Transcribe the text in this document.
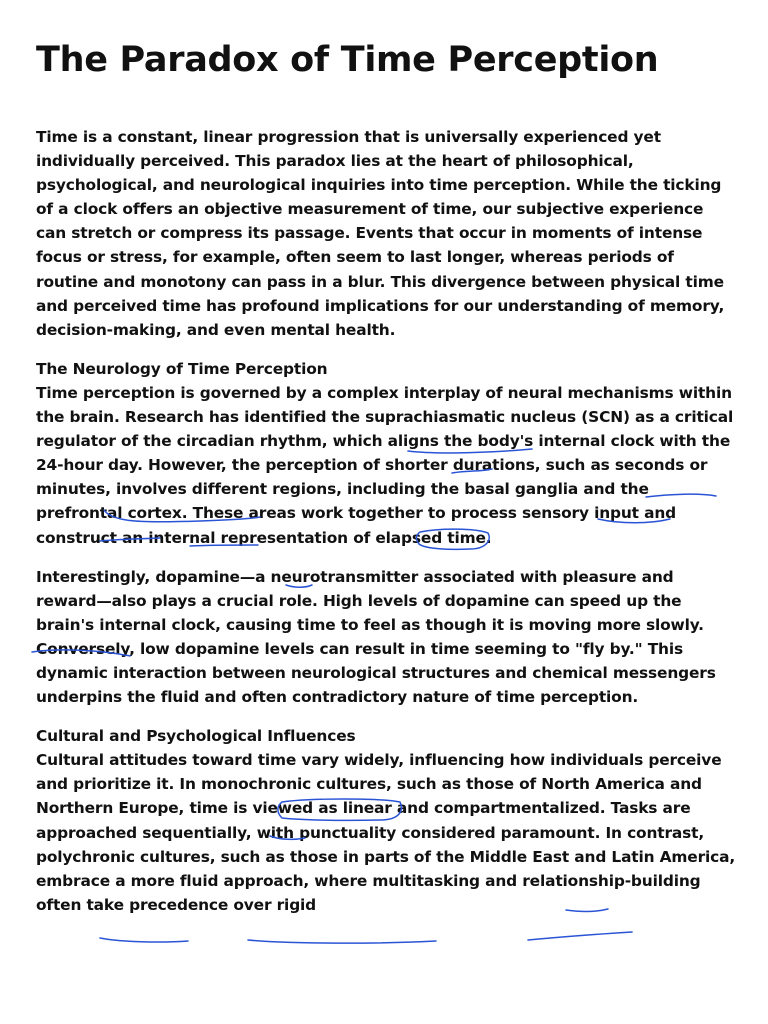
The Paradox of Time Perception

Time is a constant, linear progression that is universally experienced yet individually perceived. This paradox lies at the heart of philosophical, psychological, and neurological inquiries into time perception. While the ticking of a clock offers an objective measurement of time, our subjective experience can stretch or compress its passage. Events that occur in moments of intense focus or stress, for example, often seem to last longer, whereas periods of routine and monotony can pass in a blur. This divergence between physical time and perceived time has profound implications for our understanding of memory, decision-making, and even mental health.

The Neurology of Time Perception

Time perception is governed by a complex interplay of neural mechanisms within the brain. Research has identified the suprachiasmatic nucleus (SCN) as a critical regulator of the circadian rhythm, which aligns the body's internal clock with the 24-hour day. However, the perception of shorter durations, such as seconds or minutes, involves different regions, including the basal ganglia and the prefrontal cortex. These areas work together to process sensory input and construct an internal representation of elapsed time.

Interestingly, dopamine—a neurotransmitter associated with pleasure and reward—also plays a crucial role. High levels of dopamine can speed up the brain's internal clock, causing time to feel as though it is moving more slowly. Conversely, low dopamine levels can result in time seeming to "fly by." This dynamic interaction between neurological structures and chemical messengers underpins the fluid and often contradictory nature of time perception.

Cultural and Psychological Influences

Cultural attitudes toward time vary widely, influencing how individuals perceive and prioritize it. In monochronic cultures, such as those of North America and Northern Europe, time is viewed as linear and compartmentalized. Tasks are approached sequentially, with punctuality considered paramount. In contrast, polychronic cultures, such as those in parts of the Middle East and Latin America, embrace a more fluid approach, where multitasking and relationship-building often take precedence over rigid
